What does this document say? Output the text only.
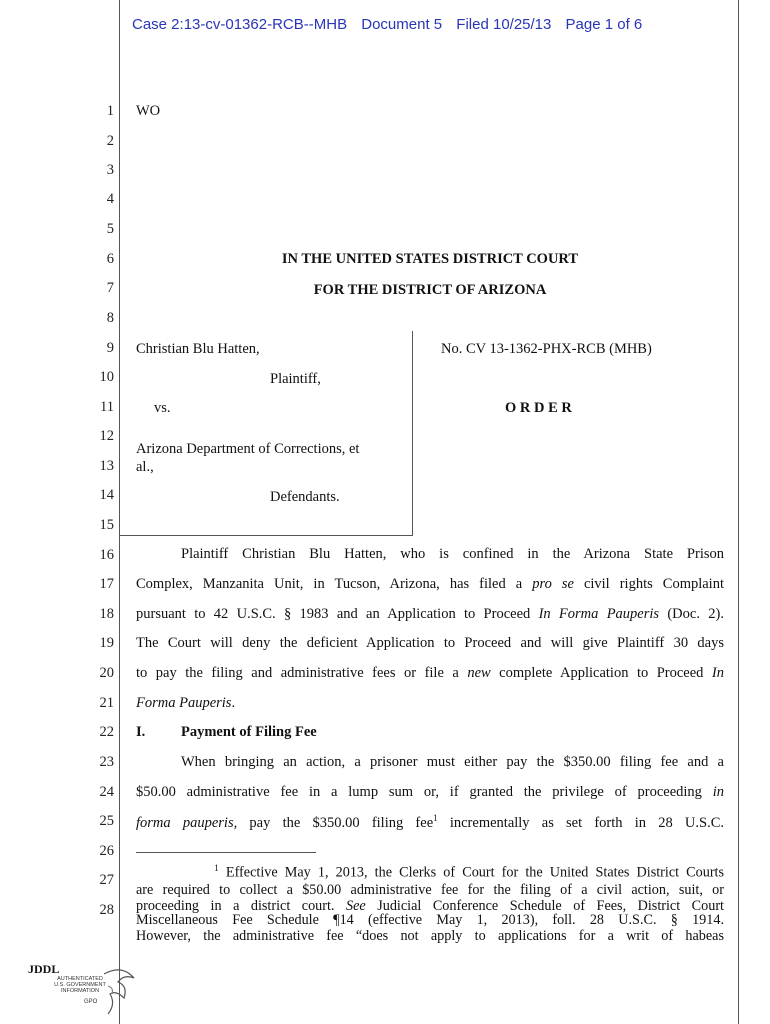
Case 2:13-cv-01362-RCB--MHB Document 5 Filed 10/25/13 Page 1 of 6
1
2
3
4
5
6
7
8
9
10
11
12
13
14
15
16
17
18
19
20
21
22
23
24
25
26
27
28
WO
IN THE UNITED STATES DISTRICT COURT
FOR THE DISTRICT OF ARIZONA
Christian Blu Hatten,
Plaintiff,
vs.
Arizona Department of Corrections, et
al.,
Defendants.
No. CV 13-1362-PHX-RCB (MHB)
O R D E R
Plaintiff Christian Blu Hatten, who is confined in the Arizona State Prison
Complex, Manzanita Unit, in Tucson, Arizona, has filed a pro se civil rights Complaint
pursuant to 42 U.S.C. § 1983 and an Application to Proceed In Forma Pauperis (Doc. 2).
The Court will deny the deficient Application to Proceed and will give Plaintiff 30 days
to pay the filing and administrative fees or file a new complete Application to Proceed In
Forma Pauperis.
I. Payment of Filing Fee
When bringing an action, a prisoner must either pay the $350.00 filing fee and a
$50.00 administrative fee in a lump sum or, if granted the privilege of proceeding in
forma pauperis, pay the $350.00 filing fee$^1$ incrementally as set forth in 28 U.S.C.
$^1$ Effective May 1, 2013, the Clerks of Court for the United States District Courts
are required to collect a $50.00 administrative fee for the filing of a civil action, suit, or
proceeding in a district court. See Judicial Conference Schedule of Fees, District Court
Miscellaneous Fee Schedule ¶14 (effective May 1, 2013), foll. 28 U.S.C. § 1914.
However, the administrative fee “does not apply to applications for a writ of habeas
JDDL
AUTHENTICATED
U.S. GOVERNMENT
INFORMATION
GPO
